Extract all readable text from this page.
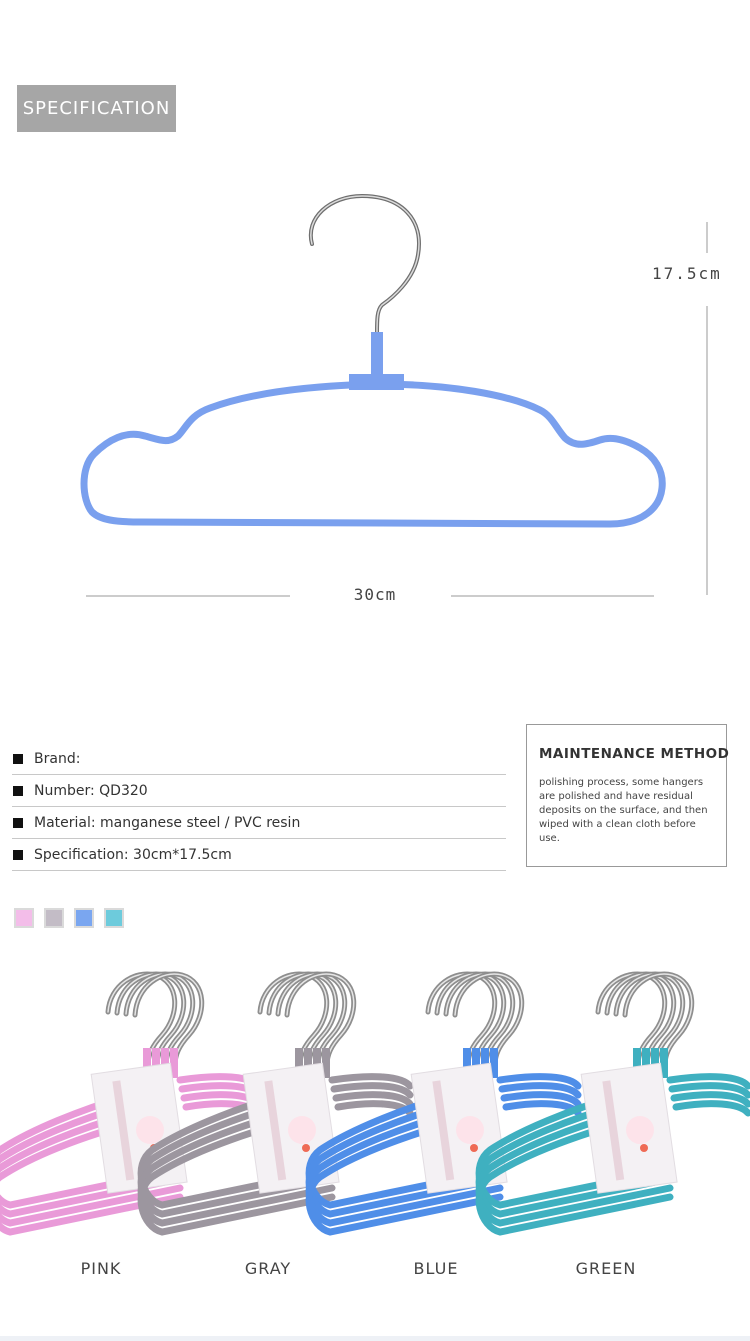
SPECIFICATION
30cm
17.5cm
Brand:
Number: QD320
Material: manganese steel / PVC resin
Specification: 30cm*17.5cm
MAINTENANCE METHOD
polishing process, some hangers are polished and have residual deposits on the surface, and then wiped with a clean cloth before use.
PINK	GRAY	BLUE	GREEN
